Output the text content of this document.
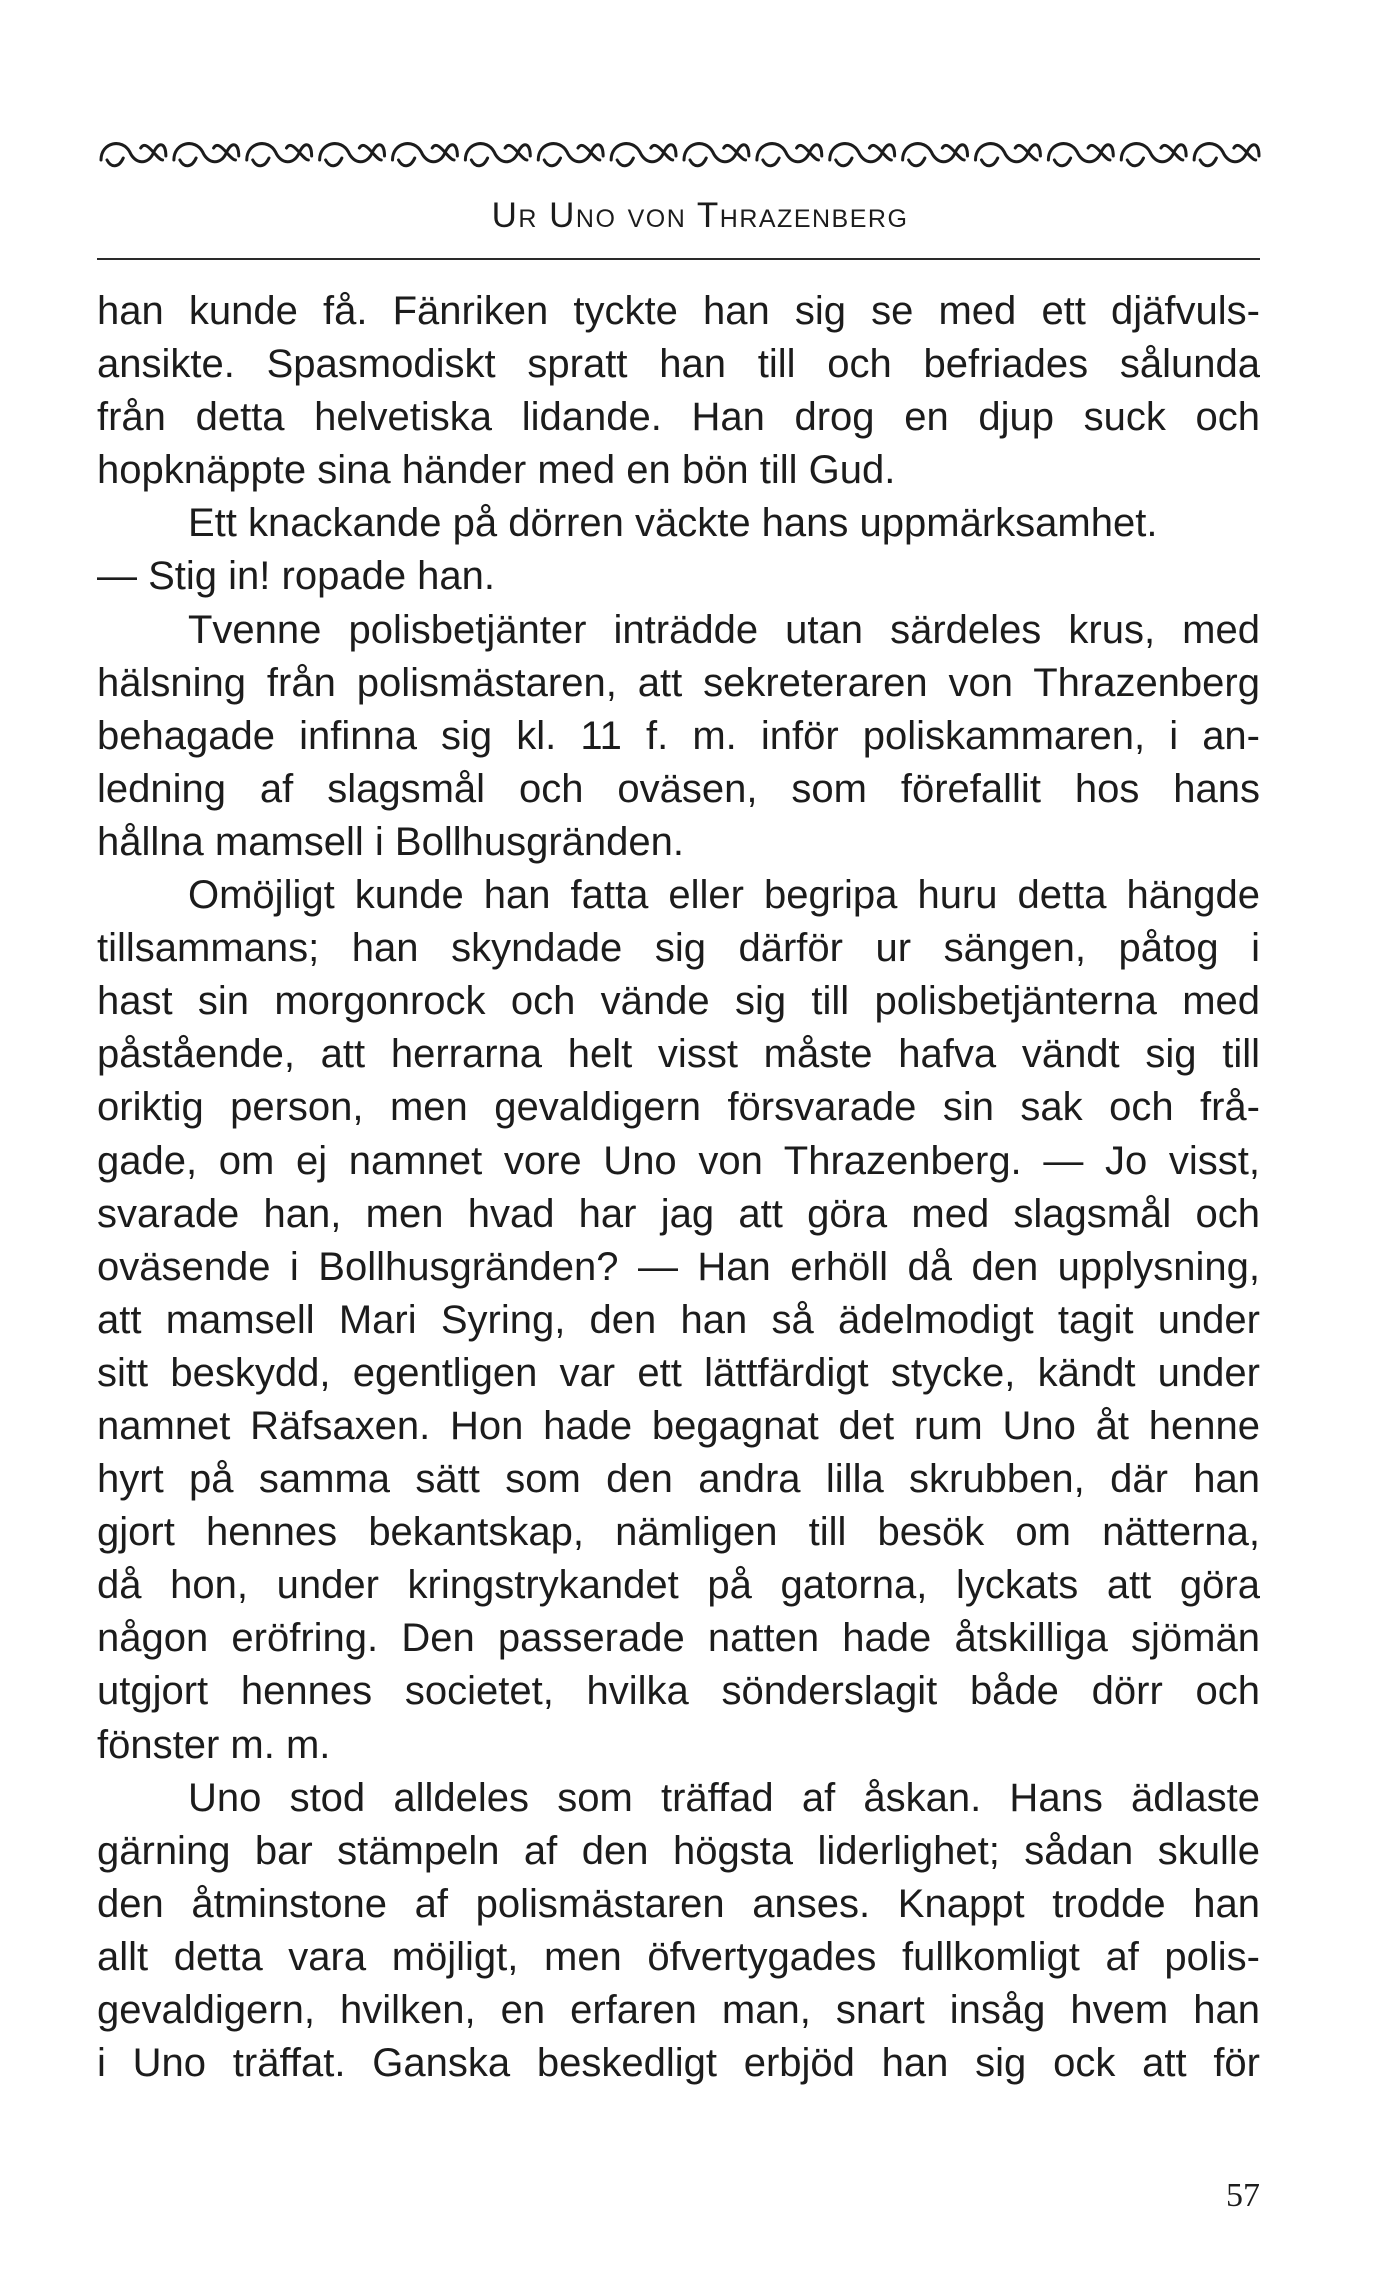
Ur Uno von Thrazenberg
han kunde få. Fänriken tyckte han sig se med ett djäfvuls-
ansikte. Spasmodiskt spratt han till och befriades sålunda
från detta helvetiska lidande. Han drog en djup suck och
hopknäppte sina händer med en bön till Gud.
Ett knackande på dörren väckte hans uppmärksamhet.
— Stig in! ropade han.
Tvenne polisbetjänter inträdde utan särdeles krus, med
hälsning från polismästaren, att sekreteraren von Thrazenberg
behagade infinna sig kl. 11 f. m. inför poliskammaren, i an-
ledning af slagsmål och oväsen, som förefallit hos hans
hållna mamsell i Bollhusgränden.
Omöjligt kunde han fatta eller begripa huru detta hängde
tillsammans; han skyndade sig därför ur sängen, påtog i
hast sin morgonrock och vände sig till polisbetjänterna med
påstående, att herrarna helt visst måste hafva vändt sig till
oriktig person, men gevaldigern försvarade sin sak och frå-
gade, om ej namnet vore Uno von Thrazenberg. — Jo visst,
svarade han, men hvad har jag att göra med slagsmål och
oväsende i Bollhusgränden? — Han erhöll då den upplysning,
att mamsell Mari Syring, den han så ädelmodigt tagit under
sitt beskydd, egentligen var ett lättfärdigt stycke, kändt under
namnet Räfsaxen. Hon hade begagnat det rum Uno åt henne
hyrt på samma sätt som den andra lilla skrubben, där han
gjort hennes bekantskap, nämligen till besök om nätterna,
då hon, under kringstrykandet på gatorna, lyckats att göra
någon eröfring. Den passerade natten hade åtskilliga sjömän
utgjort hennes societet, hvilka sönderslagit både dörr och
fönster m. m.
Uno stod alldeles som träffad af åskan. Hans ädlaste
gärning bar stämpeln af den högsta liderlighet; sådan skulle
den åtminstone af polismästaren anses. Knappt trodde han
allt detta vara möjligt, men öfvertygades fullkomligt af polis-
gevaldigern, hvilken, en erfaren man, snart insåg hvem han
i Uno träffat. Ganska beskedligt erbjöd han sig ock att för
57
